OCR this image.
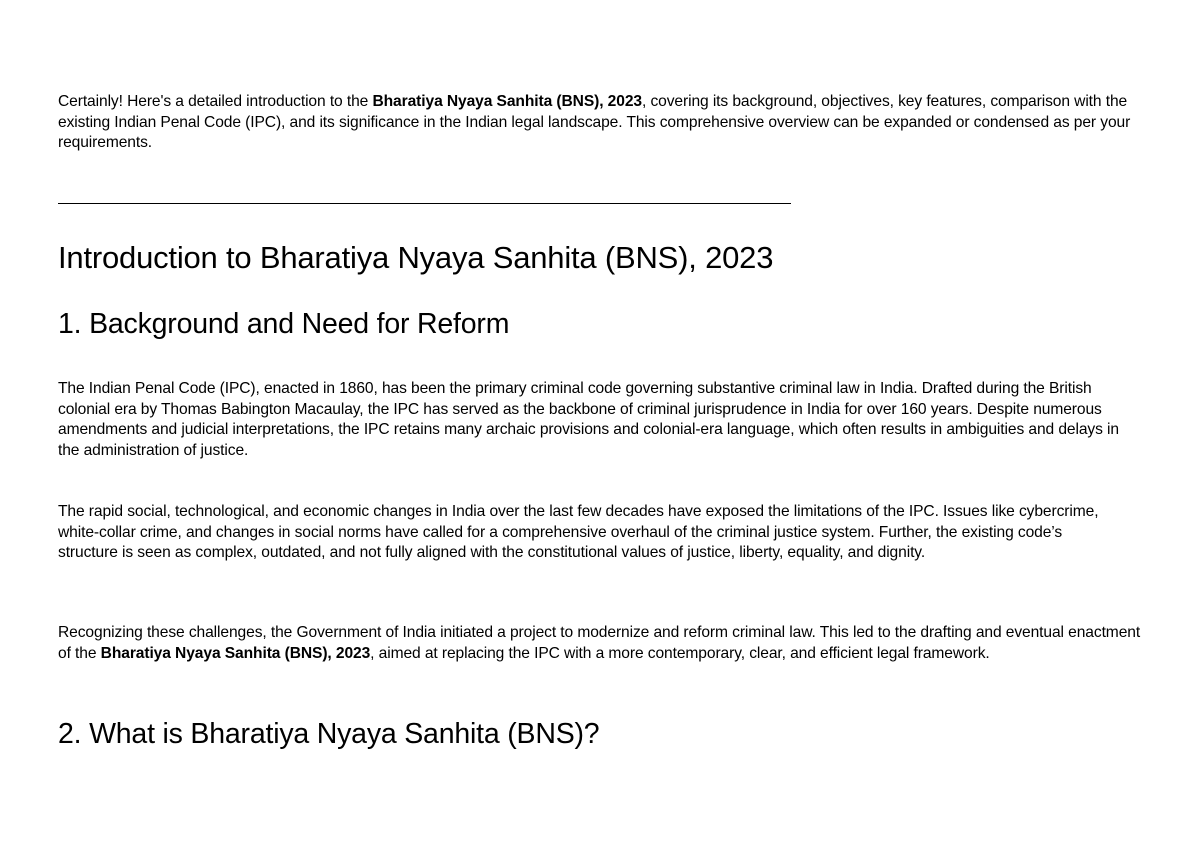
Certainly! Here's a detailed introduction to the Bharatiya Nyaya Sanhita (BNS), 2023, covering its background, objectives, key features, comparison with the existing Indian Penal Code (IPC), and its significance in the Indian legal landscape. This comprehensive overview can be expanded or condensed as per your requirements.

Introduction to Bharatiya Nyaya Sanhita (BNS), 2023
1. Background and Need for Reform

The Indian Penal Code (IPC), enacted in 1860, has been the primary criminal code governing substantive criminal law in India. Drafted during the British colonial era by Thomas Babington Macaulay, the IPC has served as the backbone of criminal jurisprudence in India for over 160 years. Despite numerous amendments and judicial interpretations, the IPC retains many archaic provisions and colonial-era language, which often results in ambiguities and delays in the administration of justice.

The rapid social, technological, and economic changes in India over the last few decades have exposed the limitations of the IPC. Issues like cybercrime, white-collar crime, and changes in social norms have called for a comprehensive overhaul of the criminal justice system. Further, the existing code’s structure is seen as complex, outdated, and not fully aligned with the constitutional values of justice, liberty, equality, and dignity.

Recognizing these challenges, the Government of India initiated a project to modernize and reform criminal law. This led to the drafting and eventual enactment of the Bharatiya Nyaya Sanhita (BNS), 2023, aimed at replacing the IPC with a more contemporary, clear, and efficient legal framework.

2. What is Bharatiya Nyaya Sanhita (BNS)?
